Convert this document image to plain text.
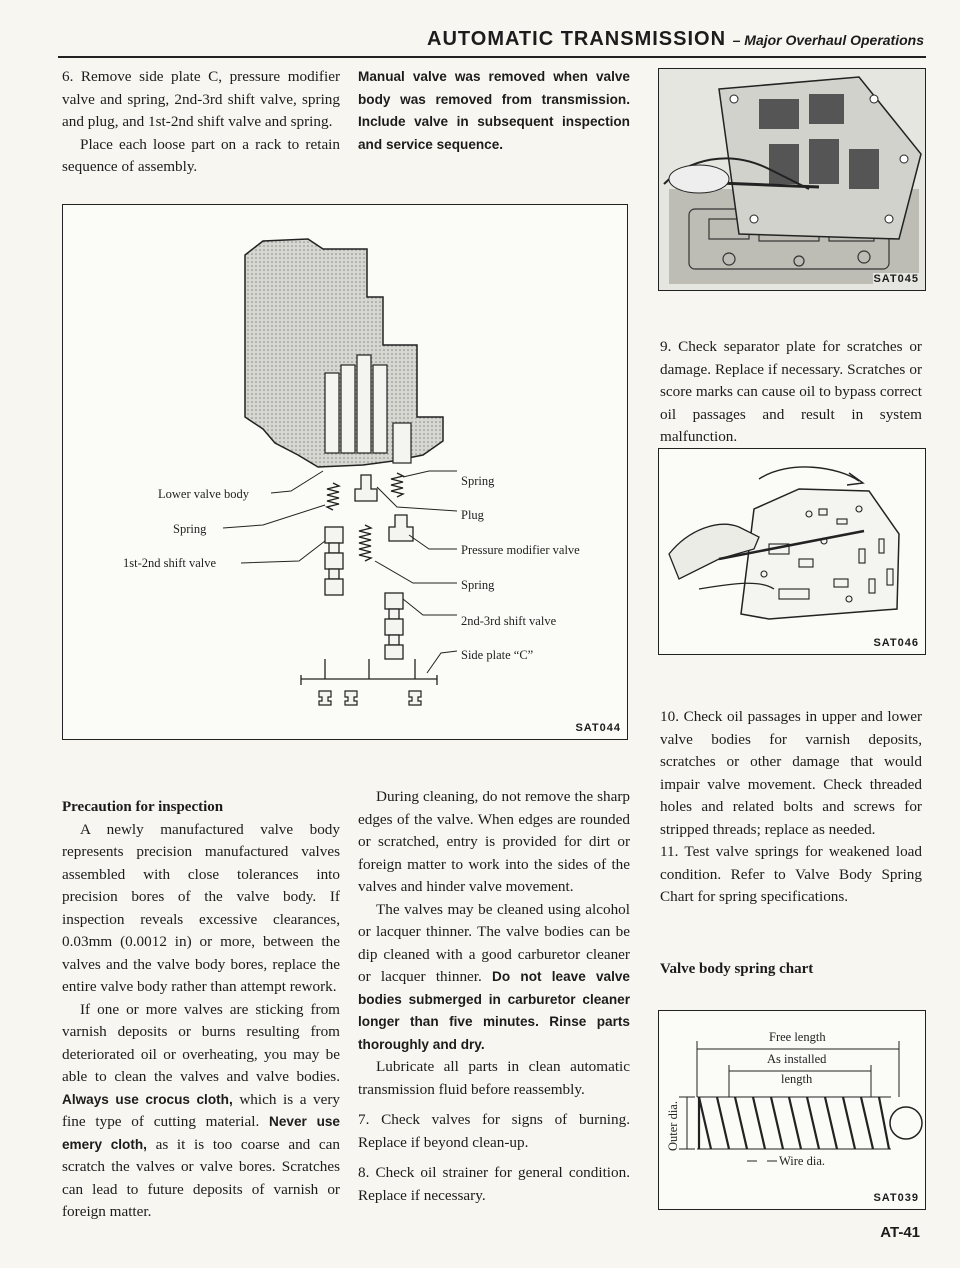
AUTOMATIC TRANSMISSION – Major Overhaul Operations

6. Remove side plate C, pressure modifier valve and spring, 2nd-3rd shift valve, spring and plug, and 1st-2nd shift valve and spring.

Place each loose part on a rack to retain sequence of assembly.

Manual valve was removed when valve body was removed from transmission. Include valve in subsequent inspection and service sequence.

SAT045
Lower valve body
Spring
1st-2nd shift valve
Spring
Plug
Pressure modifier valve
Spring
2nd-3rd shift valve
Side plate “C”
SAT044

9. Check separator plate for scratches or damage. Replace if necessary. Scratches or score marks can cause oil to bypass correct oil passages and result in system malfunction.

SAT046

Precaution for inspection

A newly manufactured valve body represents precision manufactured valves assembled with close tolerances into precision bores of the valve body. If inspection reveals excessive clearances, 0.03mm (0.0012 in) or more, between the valves and the valve body bores, replace the entire valve body rather than attempt rework.

If one or more valves are sticking from varnish deposits or burns resulting from deteriorated oil or overheating, you may be able to clean the valves and valve bodies. Always use crocus cloth, which is a very fine type of cutting material. Never use emery cloth, as it is too coarse and can scratch the valves or valve bores. Scratches can lead to future deposits of varnish or foreign matter.

During cleaning, do not remove the sharp edges of the valve. When edges are rounded or scratched, entry is provided for dirt or foreign matter to work into the sides of the valves and hinder valve movement.

The valves may be cleaned using alcohol or lacquer thinner. The valve bodies can be dip cleaned with a good carburetor cleaner or lacquer thinner. Do not leave valve bodies submerged in carburetor cleaner longer than five minutes. Rinse parts thoroughly and dry.

Lubricate all parts in clean automatic transmission fluid before reassembly.

7. Check valves for signs of burning. Replace if beyond clean-up.

8. Check oil strainer for general condition. Replace if necessary.

10. Check oil passages in upper and lower valve bodies for varnish deposits, scratches or other damage that would impair valve movement. Check threaded holes and related bolts and screws for stripped threads; replace as needed.

11. Test valve springs for weakened load condition. Refer to Valve Body Spring Chart for spring specifications.

Valve body spring chart

Free length
As installed
length
Wire dia.
Outer dia.
SAT039
AT-41
